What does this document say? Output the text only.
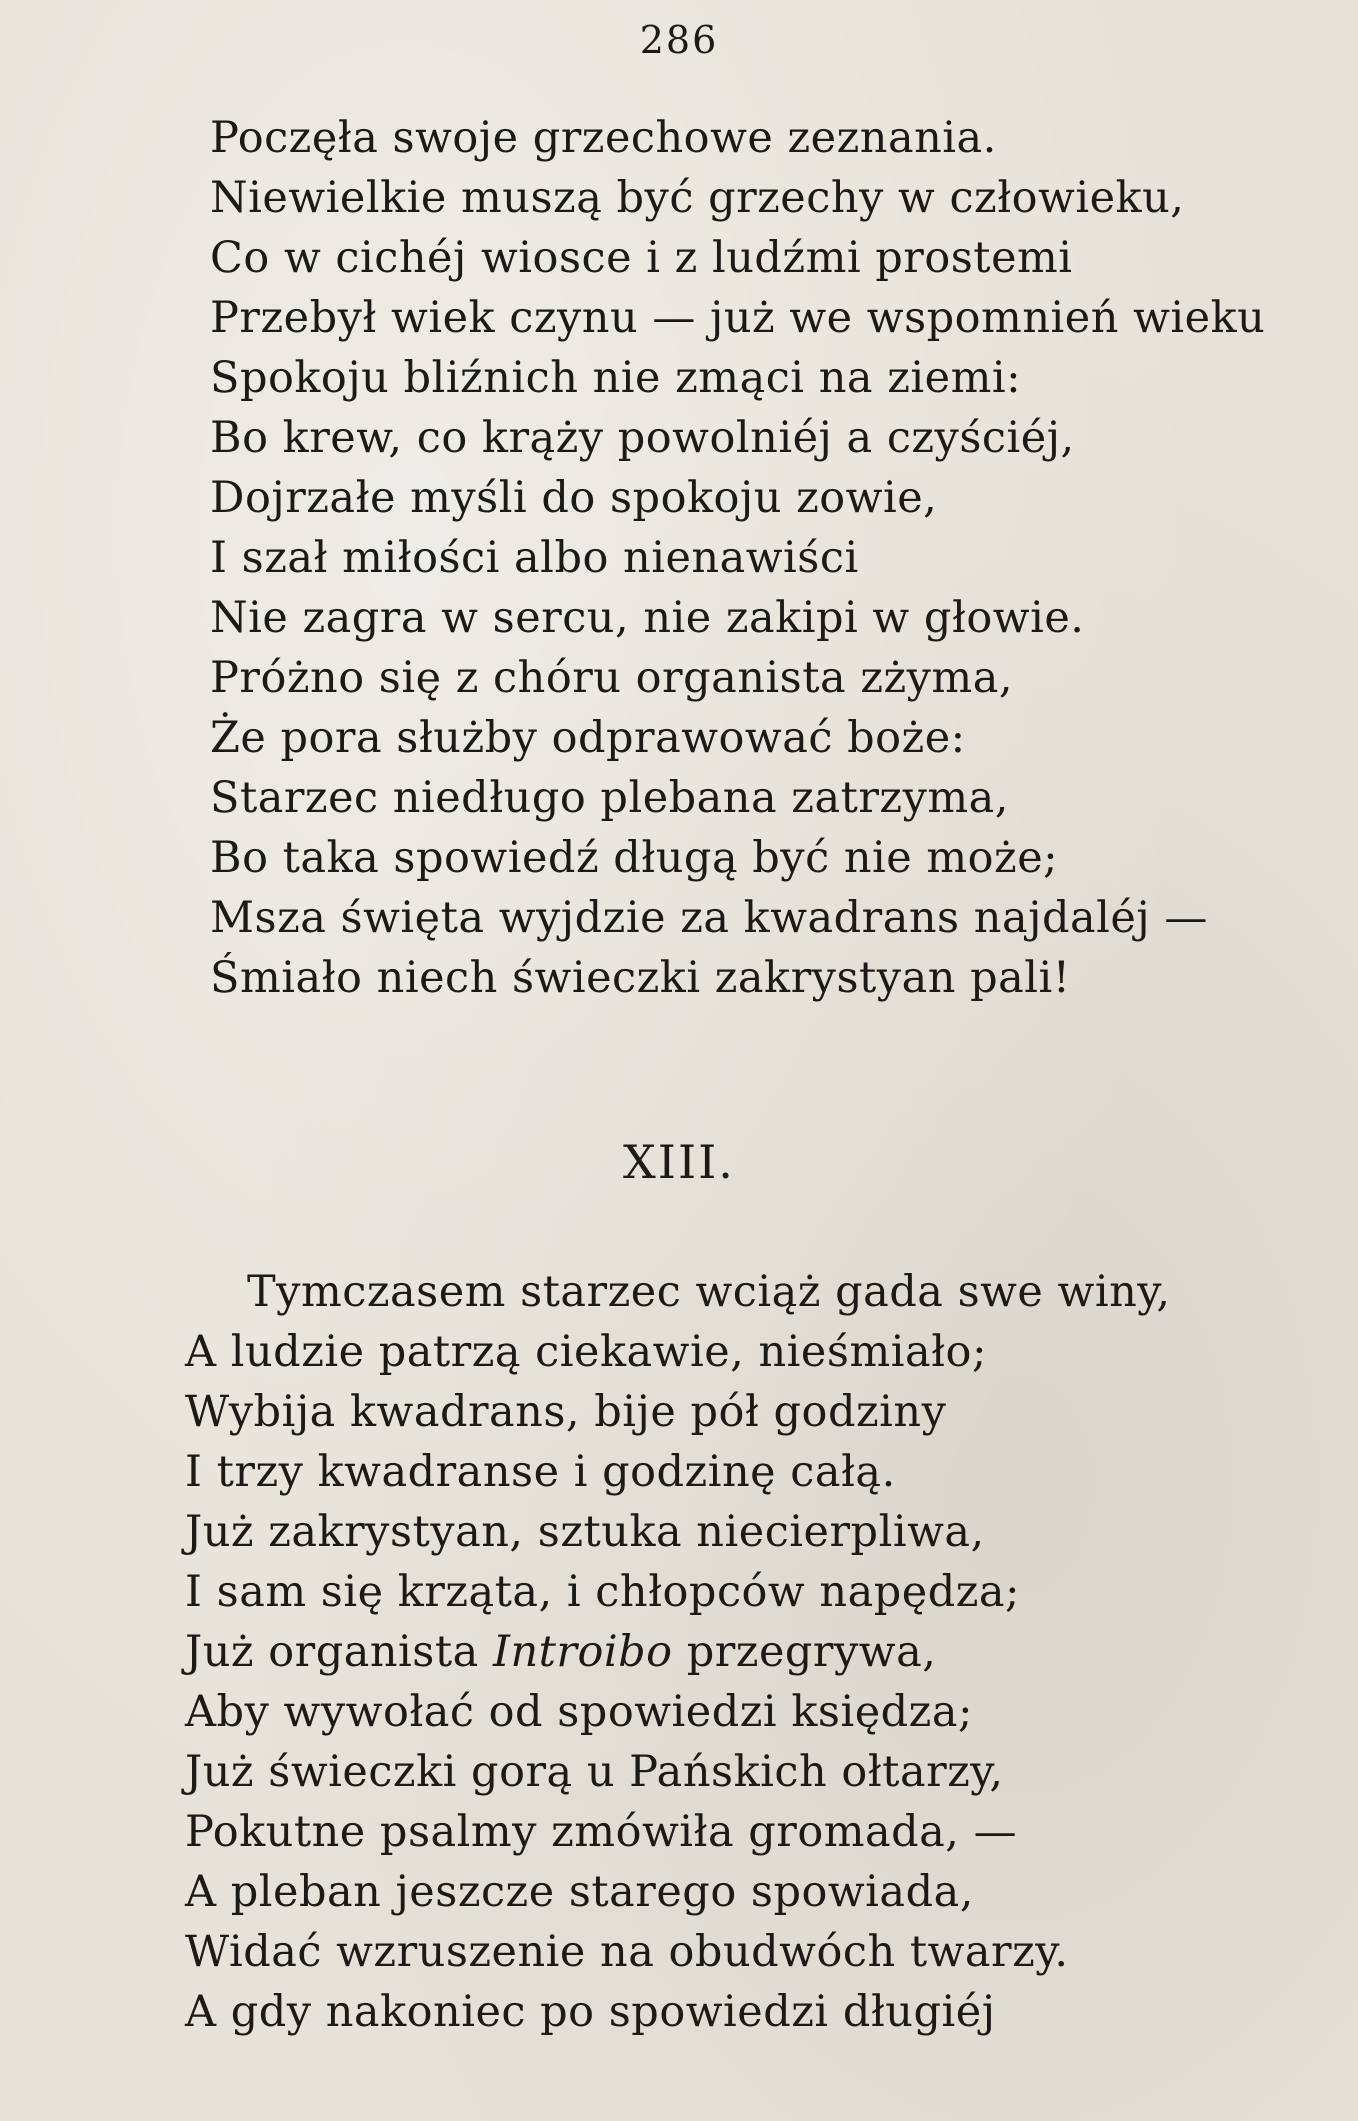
286
Poczęła swoje grzechowe zeznania.
Niewielkie muszą być grzechy w człowieku,
Co w cichéj wiosce i z ludźmi prostemi
Przebył wiek czynu — już we wspomnień wieku
Spokoju bliźnich nie zmąci na ziemi:
Bo krew, co krąży powolniéj a czyściéj,
Dojrzałe myśli do spokoju zowie,
I szał miłości albo nienawiści
Nie zagra w sercu, nie zakipi w głowie.
Próżno się z chóru organista zżyma,
Że pora służby odprawować boże:
Starzec niedługo plebana zatrzyma,
Bo taka spowiedź długą być nie może;
Msza święta wyjdzie za kwadrans najdaléj —
Śmiało niech świeczki zakrystyan pali!
XIII.
Tymczasem starzec wciąż gada swe winy,
A ludzie patrzą ciekawie, nieśmiało;
Wybija kwadrans, bije pół godziny
I trzy kwadranse i godzinę całą.
Już zakrystyan, sztuka niecierpliwa,
I sam się krząta, i chłopców napędza;
Już organista Introibo przegrywa,
Aby wywołać od spowiedzi księdza;
Już świeczki gorą u Pańskich ołtarzy,
Pokutne psalmy zmówiła gromada, —
A pleban jeszcze starego spowiada,
Widać wzruszenie na obudwóch twarzy.
A gdy nakoniec po spowiedzi długiéj
